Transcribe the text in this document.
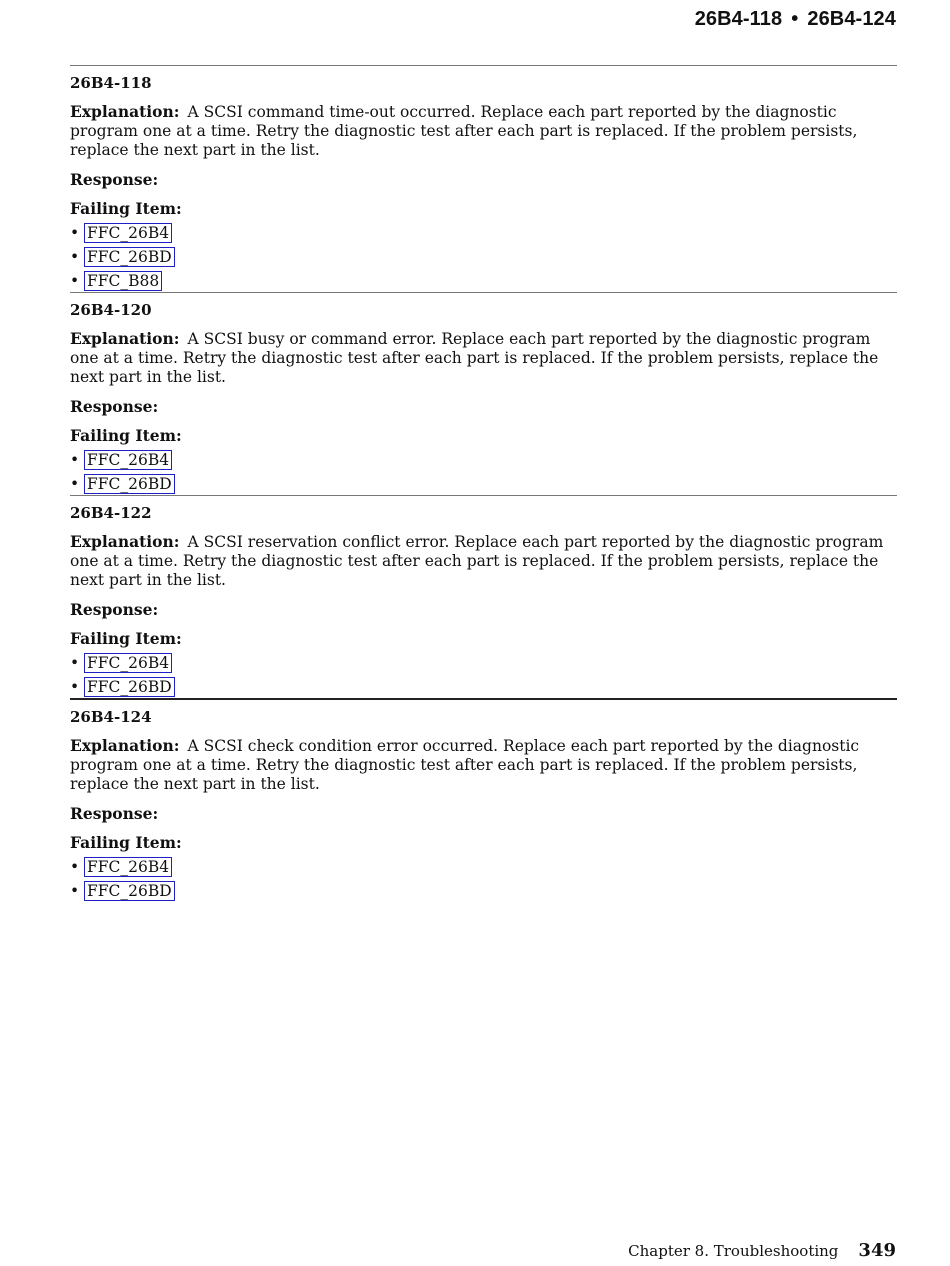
26B4-118 • 26B4-124
26B4-118
Explanation: A SCSI command time-out occurred. Replace each part reported by the diagnostic program one at a time. Retry the diagnostic test after each part is replaced. If the problem persists, replace the next part in the list.
Response:
Failing Item:
• FFC_26B4
• FFC_26BD
• FFC_B88
26B4-120
Explanation: A SCSI busy or command error. Replace each part reported by the diagnostic program one at a time. Retry the diagnostic test after each part is replaced. If the problem persists, replace the next part in the list.
Response:
Failing Item:
• FFC_26B4
• FFC_26BD
26B4-122
Explanation: A SCSI reservation conflict error. Replace each part reported by the diagnostic program one at a time. Retry the diagnostic test after each part is replaced. If the problem persists, replace the next part in the list.
Response:
Failing Item:
• FFC_26B4
• FFC_26BD
26B4-124
Explanation: A SCSI check condition error occurred. Replace each part reported by the diagnostic program one at a time. Retry the diagnostic test after each part is replaced. If the problem persists, replace the next part in the list.
Response:
Failing Item:
• FFC_26B4
• FFC_26BD
Chapter 8. Troubleshooting 349
